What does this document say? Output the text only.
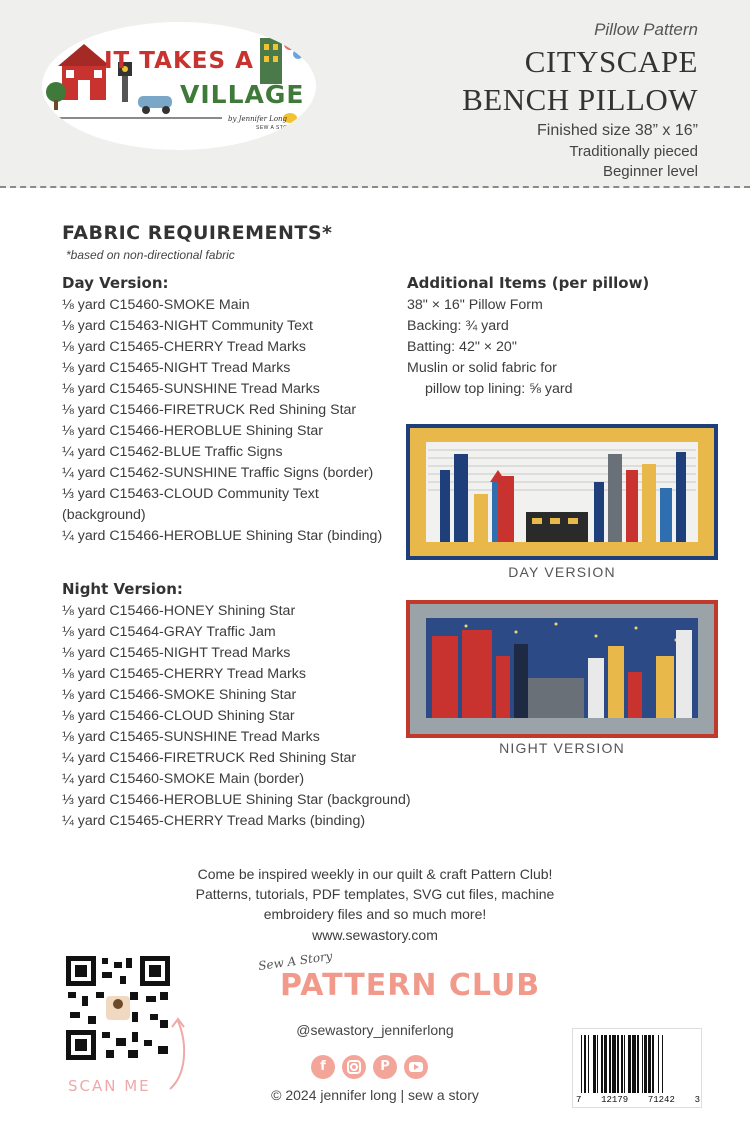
IT TAKES A
VILLAGE
by Jennifer Long
SEW A STORY
Pillow Pattern
CITYSCAPE
BENCH PILLOW
Finished size 38” x 16”
Traditionally pieced
Beginner level
FABRIC REQUIREMENTS*
*based on non-directional fabric
Day Version:
⅛ yard C15460-SMOKE Main
⅛ yard C15463-NIGHT Community Text
⅛ yard C15465-CHERRY Tread Marks
⅛ yard C15465-NIGHT Tread Marks
⅛ yard C15465-SUNSHINE Tread Marks
⅛ yard C15466-FIRETRUCK Red Shining Star
⅛ yard C15466-HEROBLUE Shining Star
¼ yard C15462-BLUE Traffic Signs
¼ yard C15462-SUNSHINE Traffic Signs (border)
⅓ yard C15463-CLOUD Community Text
(background)
¼ yard C15466-HEROBLUE Shining Star (binding)
Additional Items (per pillow)
38" × 16" Pillow Form
Backing: ¾ yard
Batting: 42" × 20"
Muslin or solid fabric for
pillow top lining: ⅝ yard
Night Version:
⅛ yard C15466-HONEY Shining Star
⅛ yard C15464-GRAY Traffic Jam
⅛ yard C15465-NIGHT Tread Marks
⅛ yard C15465-CHERRY Tread Marks
⅛ yard C15466-SMOKE Shining Star
⅛ yard C15466-CLOUD Shining Star
⅛ yard C15465-SUNSHINE Tread Marks
¼ yard C15466-FIRETRUCK Red Shining Star
¼ yard C15460-SMOKE Main (border)
⅓ yard C15466-HEROBLUE Shining Star (background)
¼ yard C15465-CHERRY Tread Marks (binding)
DAY VERSION
NIGHT VERSION
Come be inspired weekly in our quilt & craft Pattern Club!
Patterns, tutorials, PDF templates, SVG cut files, machine
embroidery files and so much more!
www.sewastory.com
SCAN ME
Sew A Story
PATTERN CLUB
@sewastory_jenniferlong
f	P
© 2024 jennifer long | sew a story	7 12179 71242 3
